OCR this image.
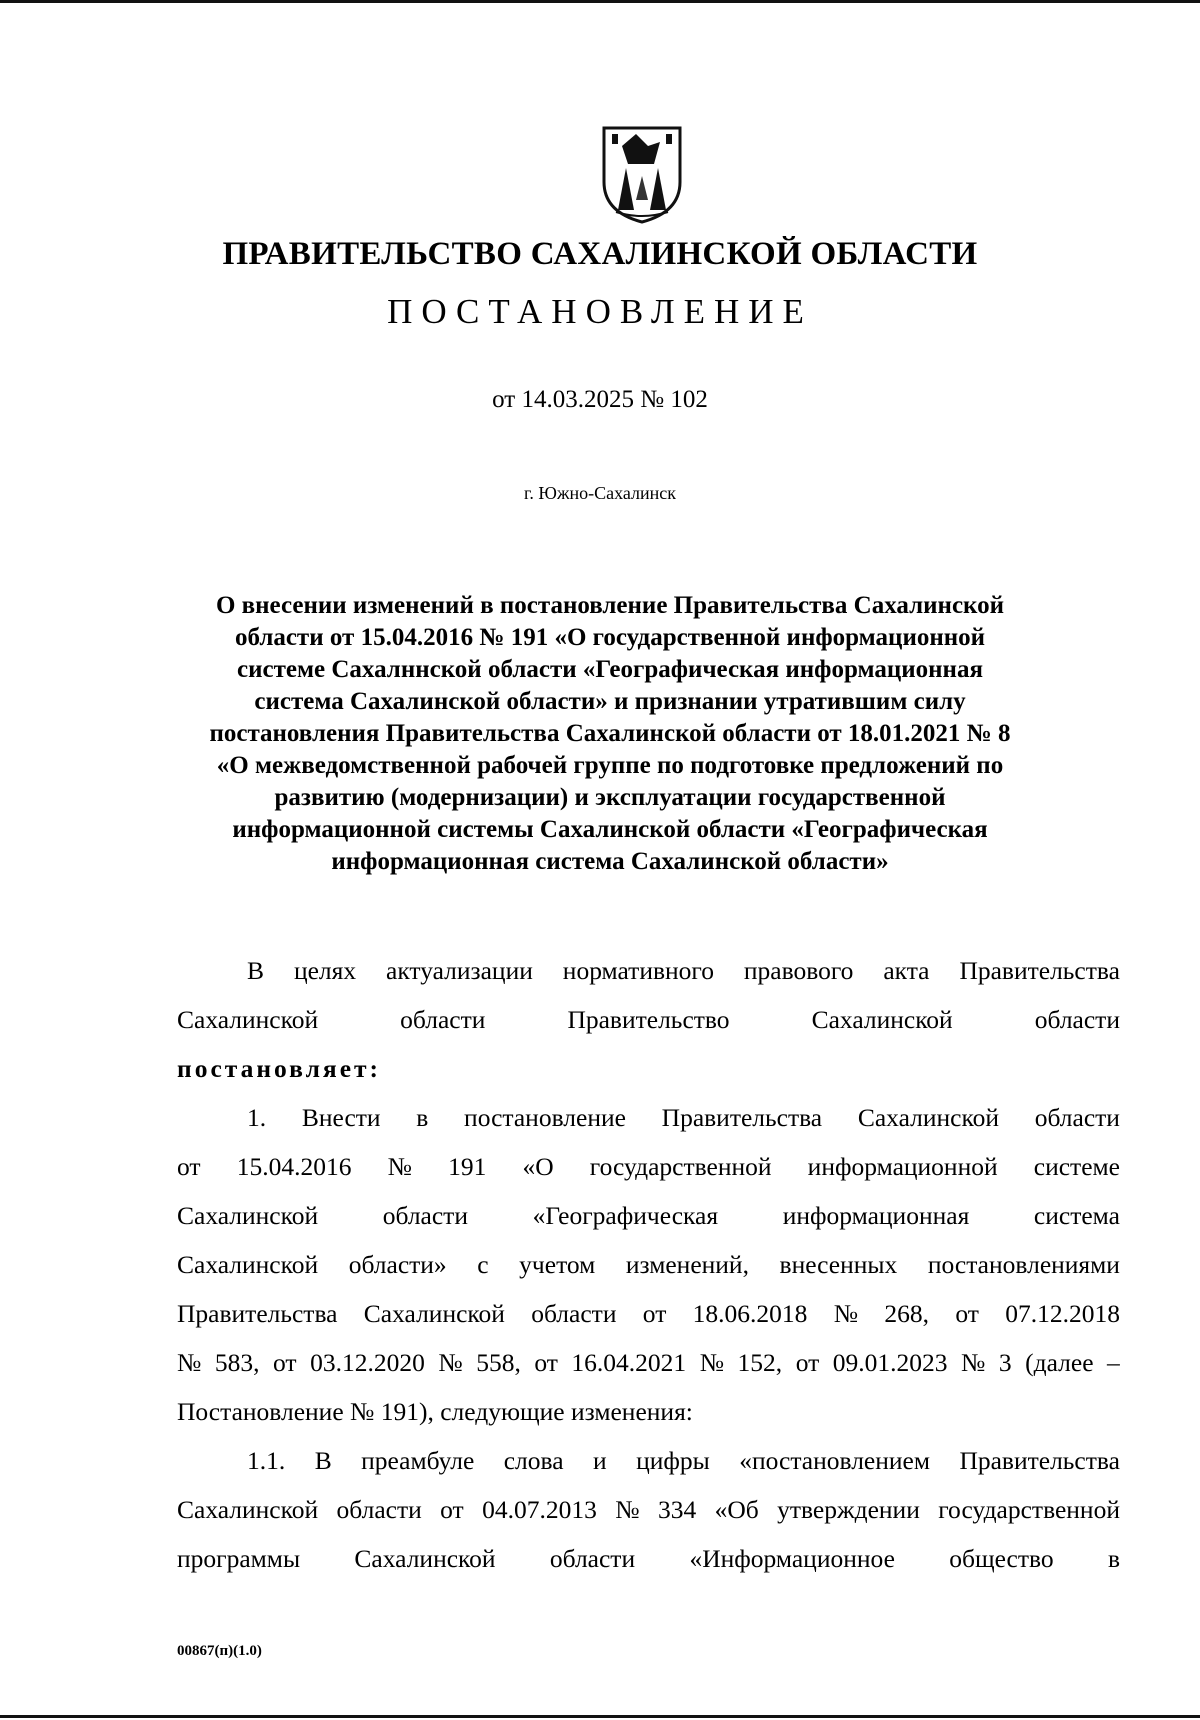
ПРАВИТЕЛЬСТВО САХАЛИНСКОЙ ОБЛАСТИ
ПОСТАНОВЛЕНИЕ
от 14.03.2025 № 102
г. Южно-Сахалинск
О внесении изменений в постановление Правительства Сахалинской
области от 15.04.2016 № 191 «О государственной информационной
системе Сахалннской области «Географическая информационная
система Сахалинской области» и признании утратившим силу
постановления Правительства Сахалинской области от 18.01.2021 № 8
«О межведомственной рабочей группе по подготовке предложений по
развитию (модернизации) и эксплуатации государственной
информационной системы Сахалинской области «Географическая
информационная система Сахалинской области»
В целях актуализации нормативного правового акта Правительства
Сахалинской	области	Правительство	Сахалинской	области
постановляет:
1. Внести в постановление Правительства Сахалинской области
от 15.04.2016 № 191 «О государственной информационной системе
Сахалинской	области	«Географическая	информационная	система
Сахалинской области» с учетом изменений, внесенных постановлениями
Правительства Сахалинской области от 18.06.2018 № 268, от 07.12.2018
№ 583, от 03.12.2020 № 558, от 16.04.2021 № 152, от 09.01.2023 № 3 (далее –
Постановление № 191), следующие изменения:
1.1. В преамбуле слова и цифры «постановлением Правительства
Сахалинской области от 04.07.2013 № 334 «Об утверждении государственной
программы Сахалинской области «Информационное общество в
00867(п)(1.0)
